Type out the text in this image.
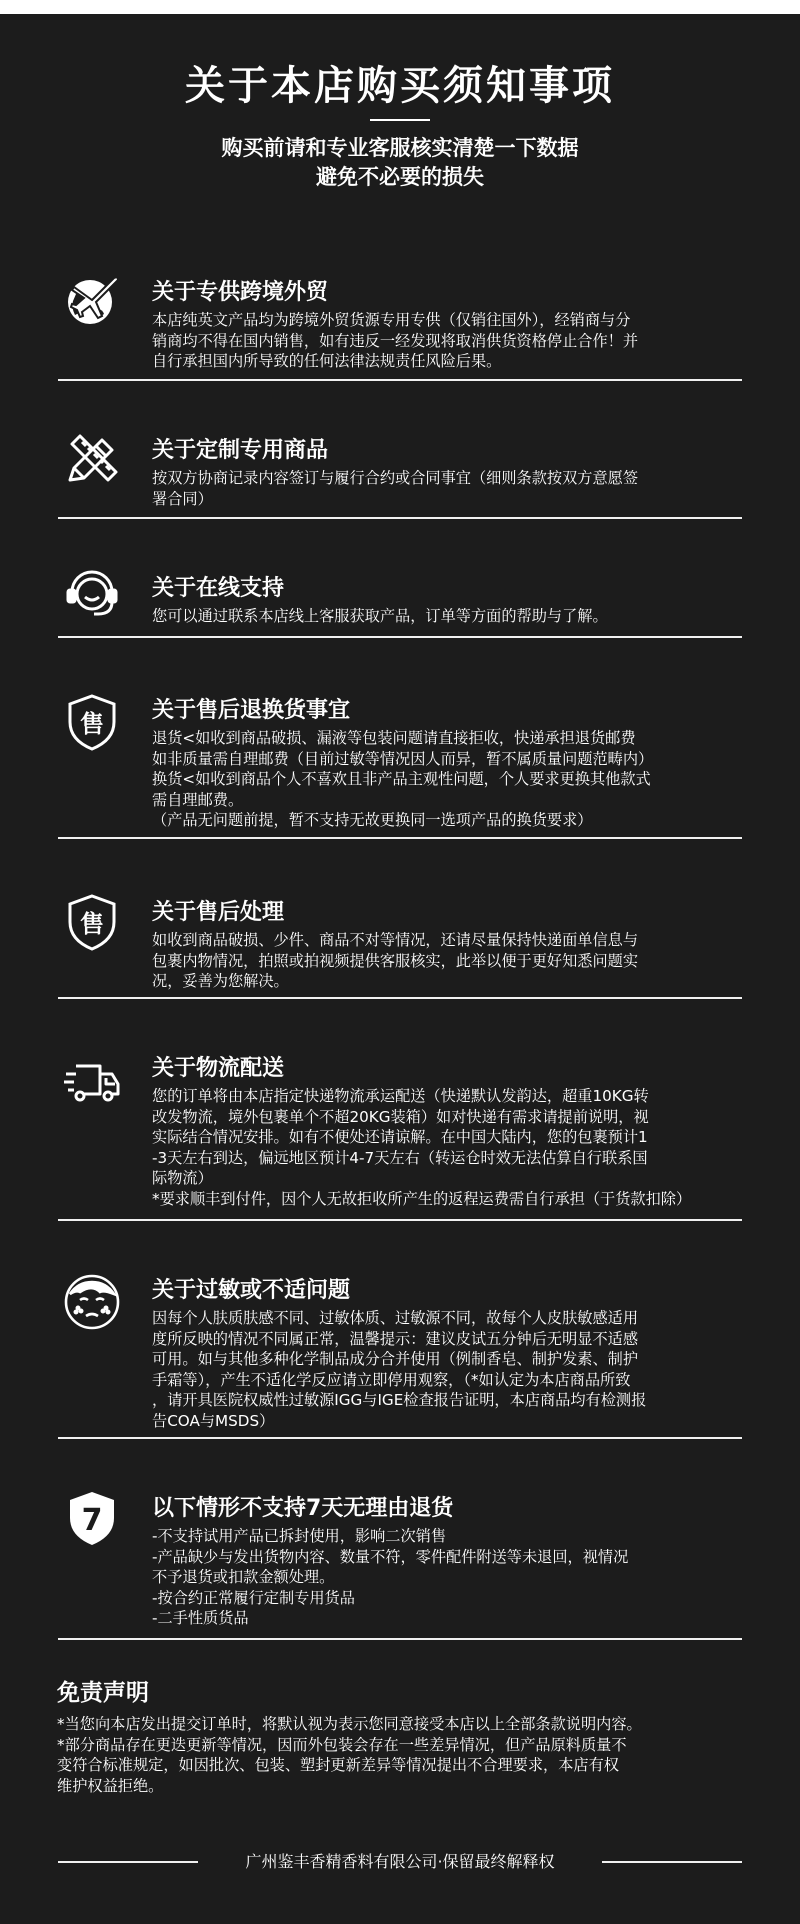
关于本店购买须知事项
购买前请和专业客服核实清楚一下数据
避免不必要的损失
关于专供跨境外贸
本店纯英文产品均为跨境外贸货源专用专供（仅销往国外），经销商与分
销商均不得在国内销售，如有违反一经发现将取消供货资格停止合作！并
自行承担国内所导致的任何法律法规责任风险后果。
关于定制专用商品
按双方协商记录内容签订与履行合约或合同事宜（细则条款按双方意愿签
署合同）
关于在线支持
您可以通过联系本店线上客服获取产品，订单等方面的帮助与了解。
售 关于售后退换货事宜
退货<如收到商品破损、漏液等包装问题请直接拒收，快递承担退货邮费
如非质量需自理邮费（目前过敏等情况因人而异，暂不属质量问题范畴内）
换货<如收到商品个人不喜欢且非产品主观性问题，个人要求更换其他款式
需自理邮费。
（产品无问题前提，暂不支持无故更换同一选项产品的换货要求）
售 关于售后处理
如收到商品破损、少件、商品不对等情况，还请尽量保持快递面单信息与
包裹内物情况，拍照或拍视频提供客服核实，此举以便于更好知悉问题实
况，妥善为您解决。
关于物流配送
您的订单将由本店指定快递物流承运配送（快递默认发韵达，超重10KG转
改发物流，境外包裹单个不超20KG装箱）如对快递有需求请提前说明，视
实际结合情况安排。如有不便处还请谅解。在中国大陆内，您的包裹预计1
-3天左右到达，偏远地区预计4-7天左右（转运仓时效无法估算自行联系国
际物流）
*要求顺丰到付件，因个人无故拒收所产生的返程运费需自行承担（于货款扣除）
关于过敏或不适问题
因每个人肤质肤感不同、过敏体质、过敏源不同，故每个人皮肤敏感适用
度所反映的情况不同属正常，温馨提示：建议皮试五分钟后无明显不适感
可用。如与其他多种化学制品成分合并使用（例制香皂、制护发素、制护
手霜等），产生不适化学反应请立即停用观察，（*如认定为本店商品所致
，请开具医院权威性过敏源IGG与IGE检查报告证明，本店商品均有检测报
告COA与MSDS）
7 以下情形不支持7天无理由退货
-不支持试用产品已拆封使用，影响二次销售
-产品缺少与发出货物内容、数量不符，零件配件附送等未退回，视情况
不予退货或扣款金额处理。
-按合约正常履行定制专用货品
-二手性质货品
免责声明
*当您向本店发出提交订单时，将默认视为表示您同意接受本店以上全部条款说明内容。
*部分商品存在更迭更新等情况，因而外包装会存在一些差异情况，但产品原料质量不
变符合标准规定，如因批次、包装、塑封更新差异等情况提出不合理要求，本店有权
维护权益拒绝。
广州鉴丰香精香料有限公司·保留最终解释权
